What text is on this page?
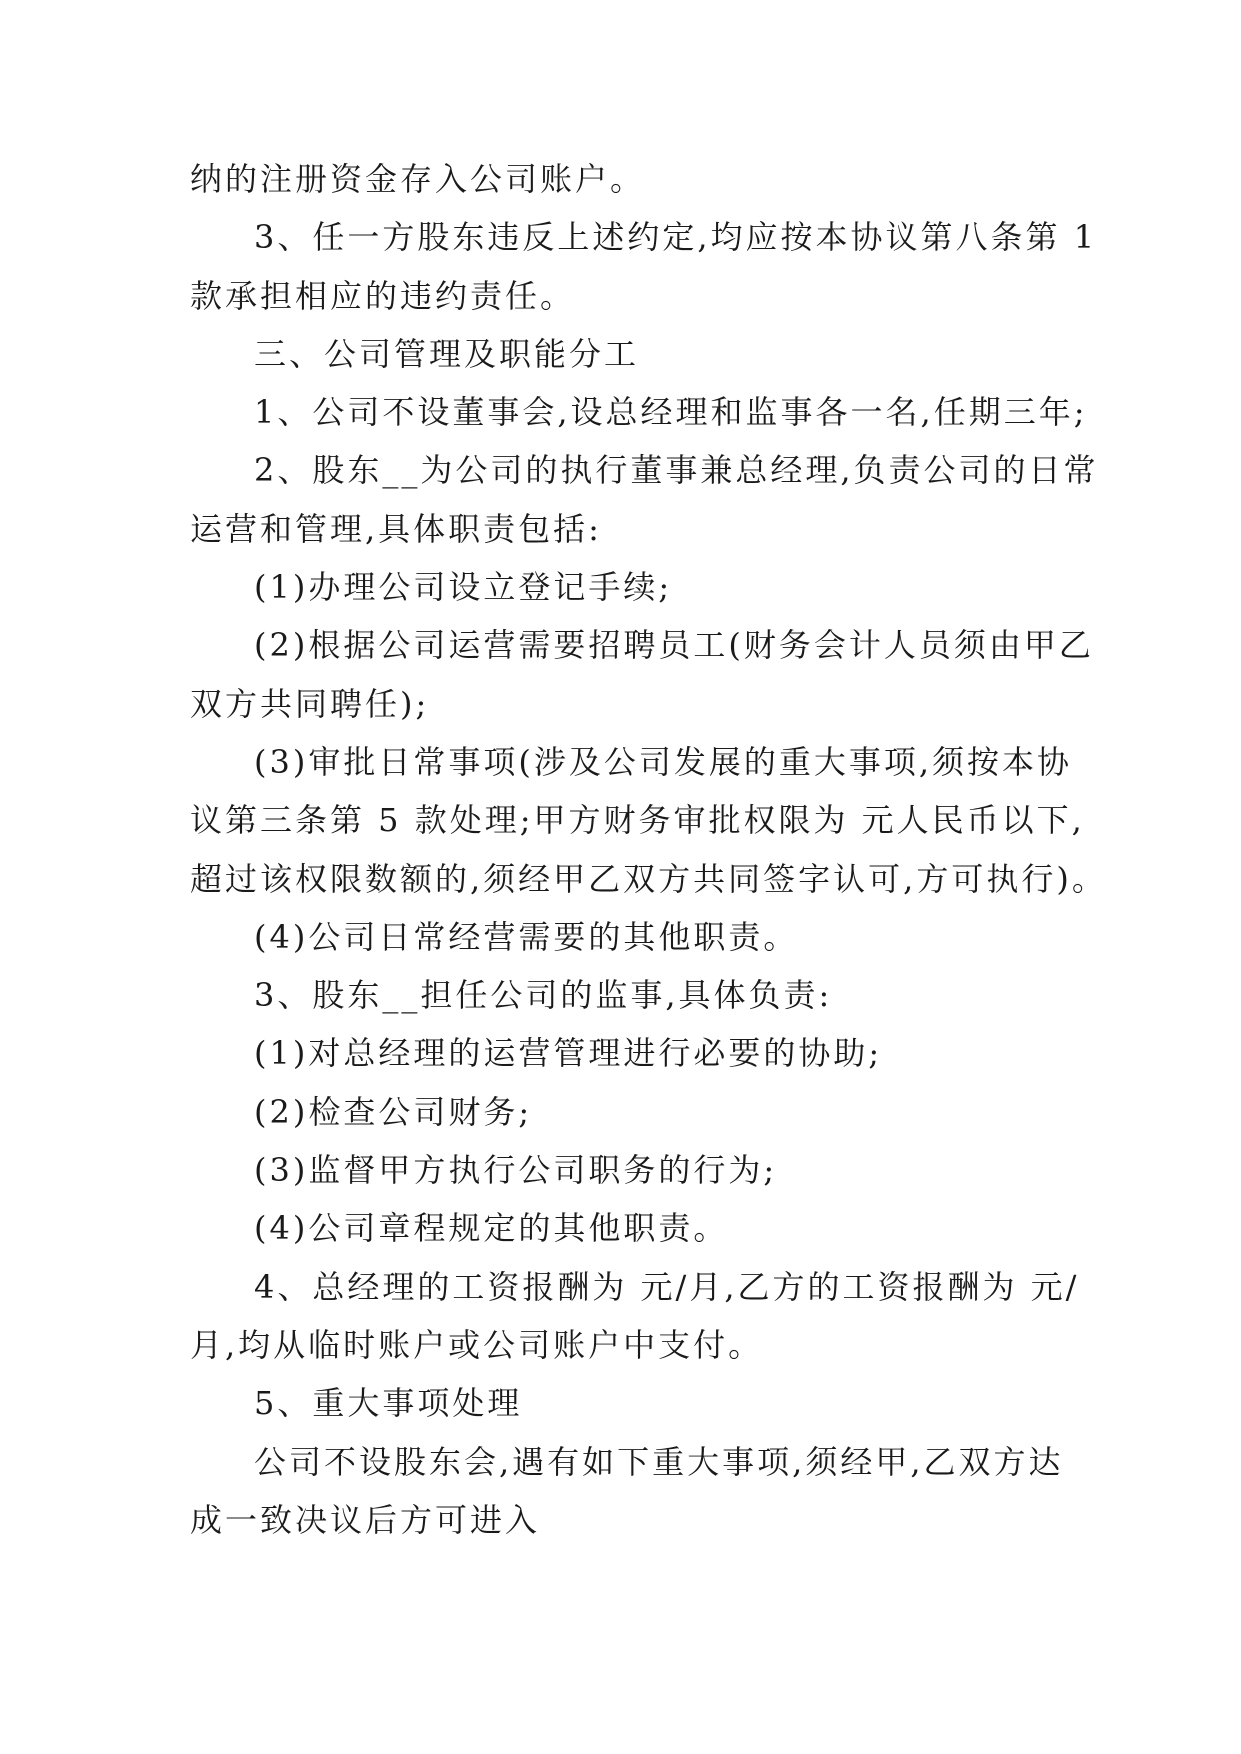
纳的注册资金存入公司账户。
3、任一方股东违反上述约定,均应按本协议第八条第 1
款承担相应的违约责任。
三、公司管理及职能分工
1、公司不设董事会,设总经理和监事各一名,任期三年;
2、股东__为公司的执行董事兼总经理,负责公司的日常
运营和管理,具体职责包括:
(1)办理公司设立登记手续;
(2)根据公司运营需要招聘员工(财务会计人员须由甲乙
双方共同聘任);
(3)审批日常事项(涉及公司发展的重大事项,须按本协
议第三条第 5 款处理;甲方财务审批权限为 元人民币以下,
超过该权限数额的,须经甲乙双方共同签字认可,方可执行)。
(4)公司日常经营需要的其他职责。
3、股东__担任公司的监事,具体负责:
(1)对总经理的运营管理进行必要的协助;
(2)检查公司财务;
(3)监督甲方执行公司职务的行为;
(4)公司章程规定的其他职责。
4、总经理的工资报酬为 元/月,乙方的工资报酬为 元/
月,均从临时账户或公司账户中支付。
5、重大事项处理
公司不设股东会,遇有如下重大事项,须经甲,乙双方达
成一致决议后方可进入
